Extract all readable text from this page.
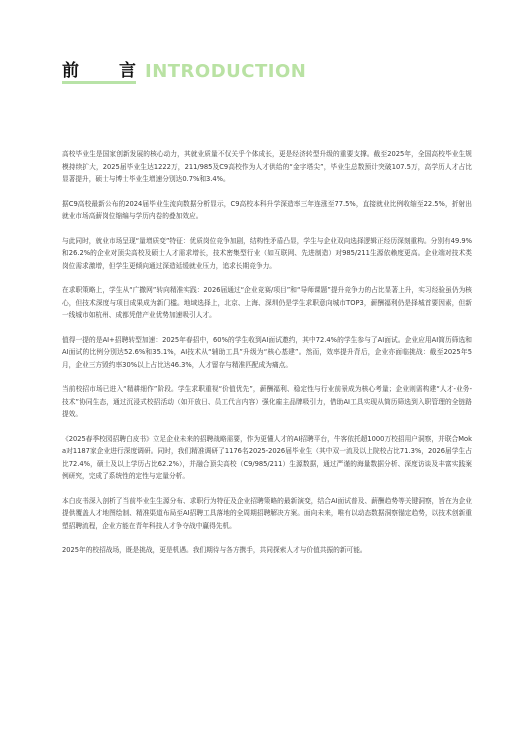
前 言 INTRODUCTION

高校毕业生是国家创新发展的核心动力，其就业质量不仅关乎个体成长，更是经济转型升级的重要支撑。截至2025年，全国高校毕业生规模持续扩大，2025届毕业生达1222万，211/985及C9高校作为人才供给的“金字塔尖”，毕业生总数预计突破107.5万，高学历人才占比显著提升，硕士与博士毕业生增速分别达0.7%和3.4%。

据C9高校最新公布的2024届毕业生流向数据分析显示，C9高校本科升学深造率三年连涨至77.5%，直接就业比例收缩至22.5%，折射出就业市场高薪岗位缩编与学历内卷的叠加效应。

与此同时，就业市场呈现“量增质变”特征：优质岗位竞争加剧，结构性矛盾凸显，学生与企业双向选择逻辑正经历深刻重构。分别有49.9%和26.2%的企业对顶尖高校及硕士人才需求增长，技术密集型行业（如互联网、先进制造）对985/211生源依赖度更高。企业端对技术类岗位需求激增，但学生更倾向通过深造延缓就业压力，追求长期竞争力。

在求职策略上，学生从“广撒网”转向精准实践：2026届通过“企业竞赛/项目”和“导师课题”提升竞争力的占比显著上升，实习经验虽仍为核心，但技术深度与项目成果成为新门槛。地域选择上，北京、上海、深圳仍是学生求职意向城市TOP3，薪酬福利仍是择城首要因素，但新一线城市如杭州、成都凭借产业优势加速吸引人才。

值得一提的是AI+招聘转型加速：2025年春招中，60%的学生收到AI面试邀约，其中72.4%的学生参与了AI面试。企业应用AI简历筛选和AI面试的比例分别达52.6%和35.1%，AI技术从“辅助工具”升级为“核心基建”。然而，效率提升背后，企业亦面临挑战：截至2025年5月，企业三方毁约率30%以上占比达46.3%，人才留存与精准匹配成为痛点。

当前校招市场已进入“精耕细作”阶段。学生求职重视“价值优先”，薪酬福利、稳定性与行业前景成为核心考量；企业则需构建“人才-业务-技术”协同生态，通过沉浸式校招活动（如开放日、员工代言内容）强化雇主品牌吸引力，借助AI工具实现从简历筛选到入职管理的全链路提效。

《2025春季校园招聘白皮书》立足企业未来的招聘战略需要，作为更懂人才的AI招聘平台，牛客依托超1000万校招用户洞察，并联合Moka对1187家企业进行深度调研。同时，我们精准调研了1176名2025-2026届毕业生（其中双一流及以上院校占比71.3%，2026届学生占比72.4%，硕士及以上学历占比62.2%），并融合顶尖高校（C9/985/211）生源数据，通过严谨的海量数据分析、深度访谈及丰富实践案例研究，完成了系统性的定性与定量分析。

本白皮书深入剖析了当前毕业生生源分布、求职行为特征及企业招聘策略的最新演变，结合AI面试普及、薪酬趋势等关键洞察，旨在为企业提供覆盖人才地图绘制、精准渠道布局至AI招聘工具落地的全周期招聘解决方案。面向未来，唯有以动态数据洞察锚定趋势，以技术创新重塑招聘流程，企业方能在青年科技人才争夺战中赢得先机。

2025年的校招战场，既是挑战，更是机遇。我们期待与各方携手，共同探索人才与价值共振的新可能。
